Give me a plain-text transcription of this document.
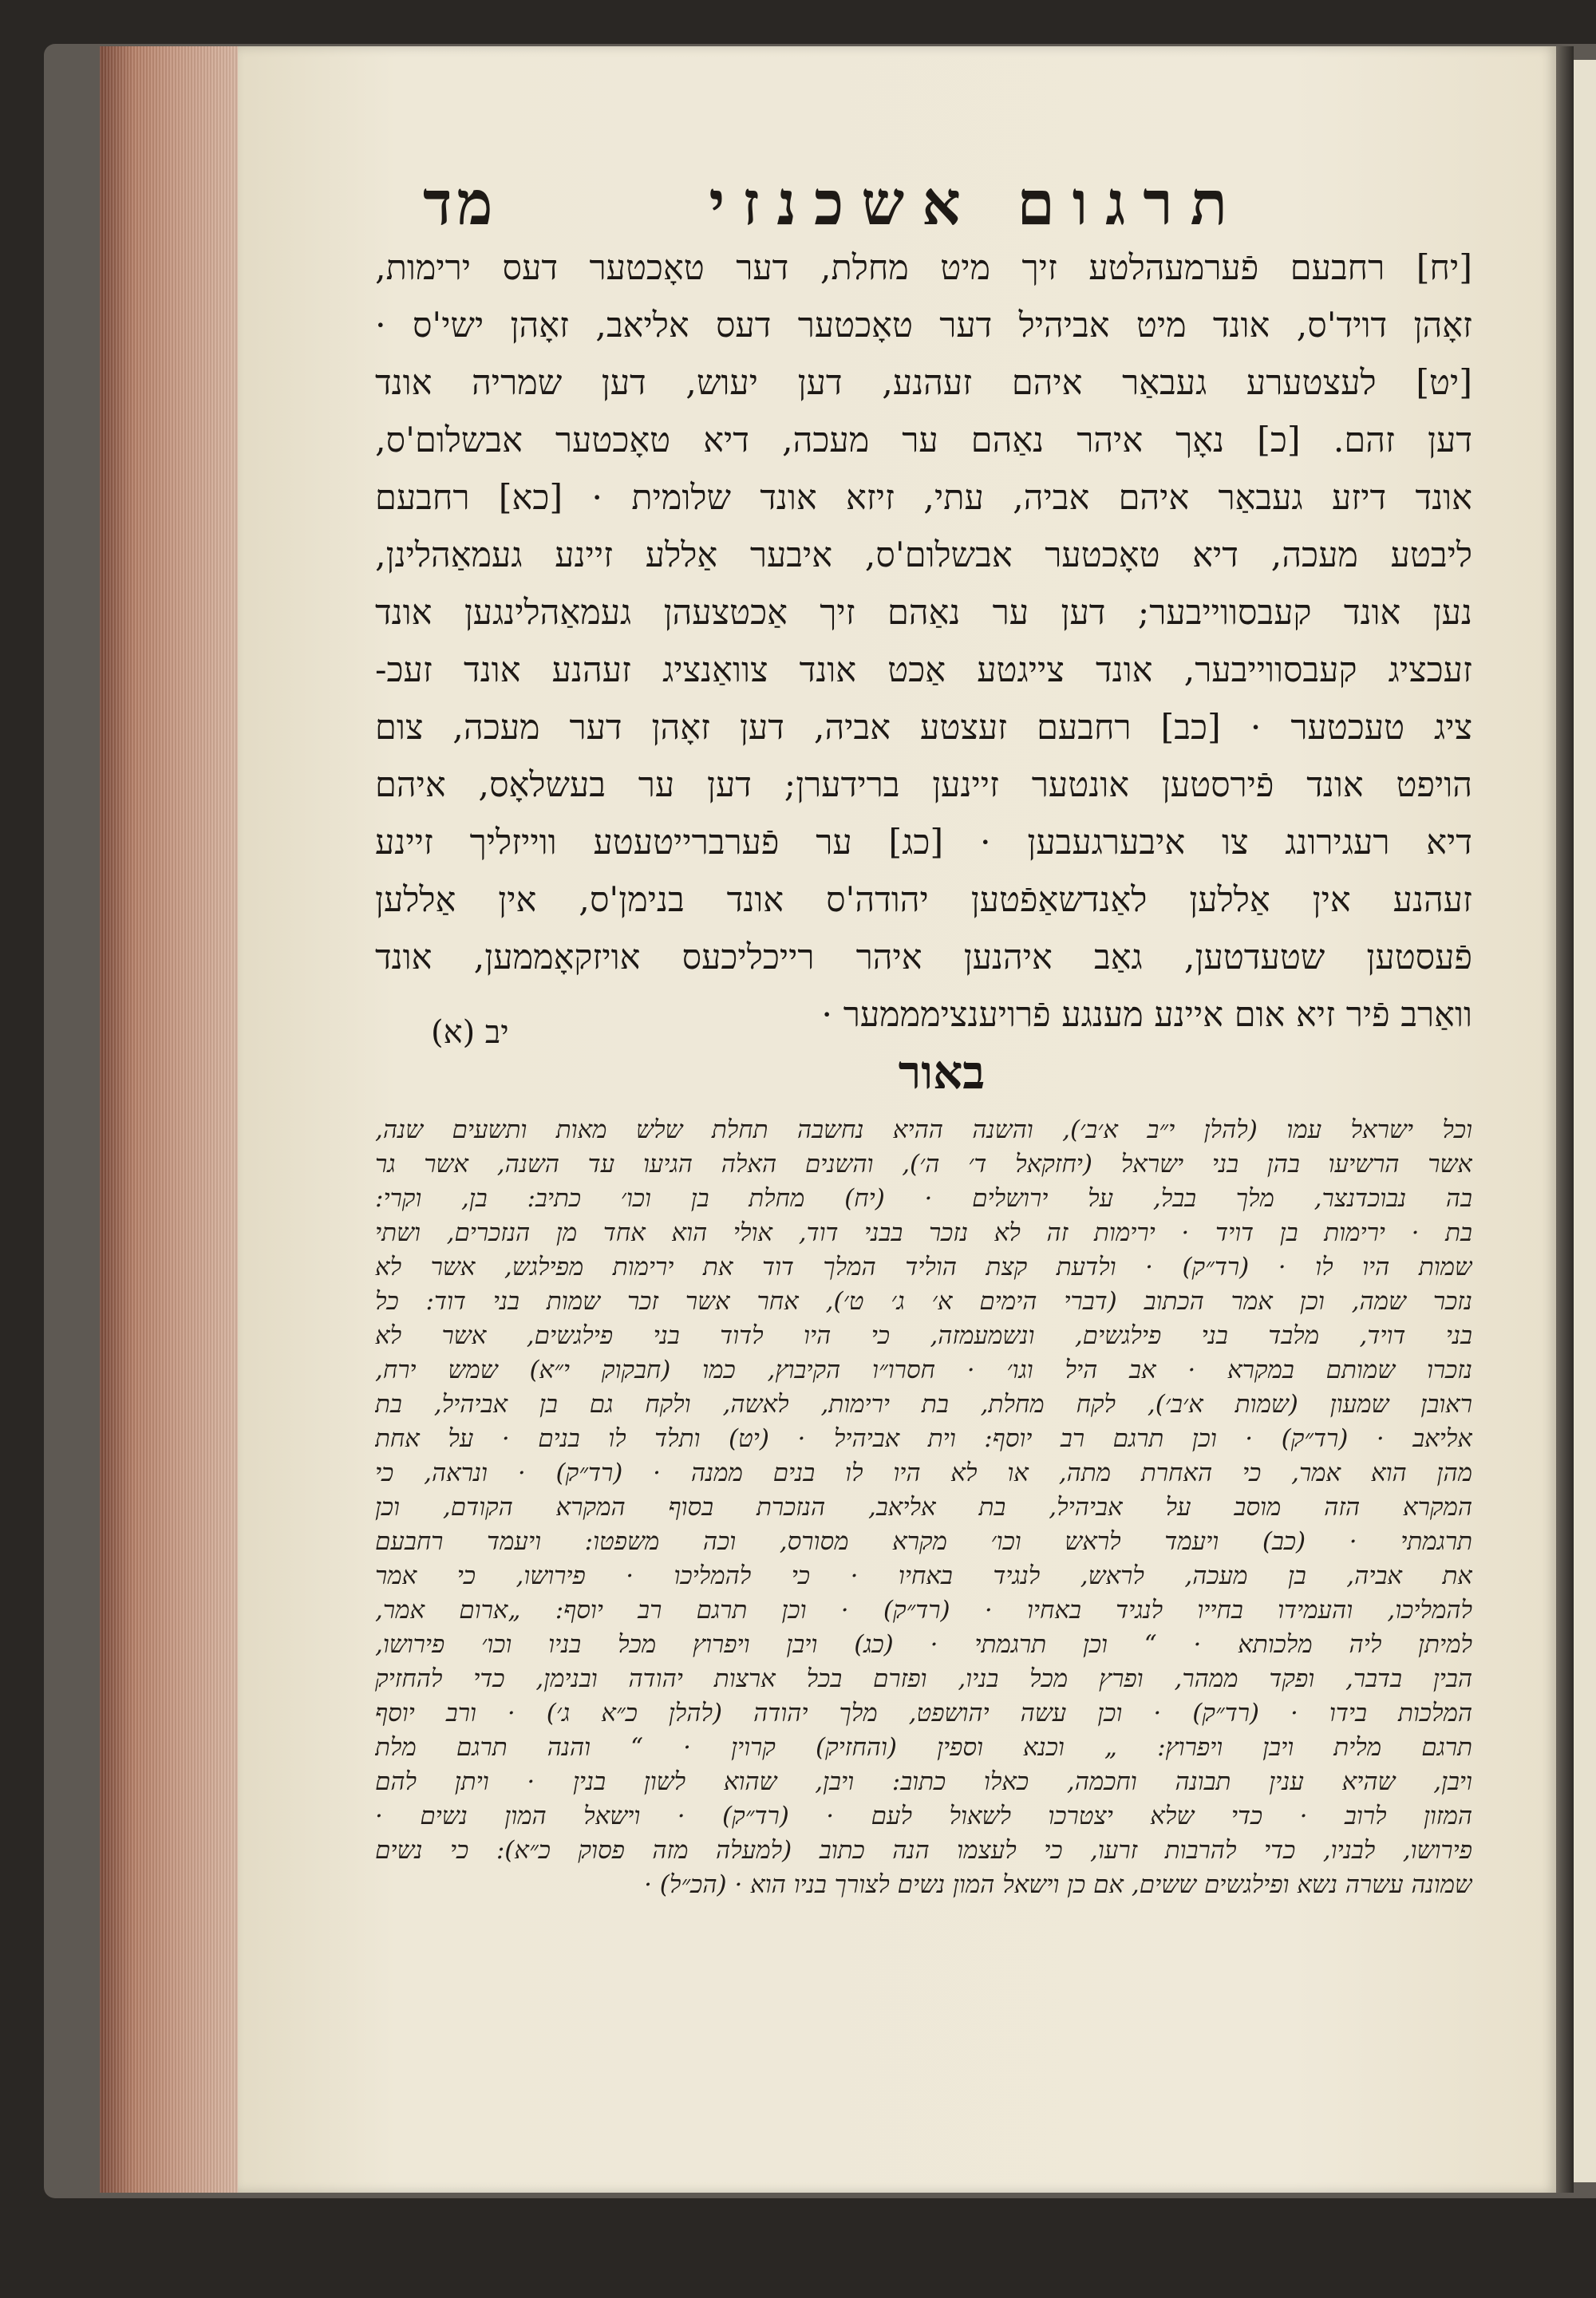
תרגום אשכנזי
מד
[יח] רחבעם פֿערמעהלטע זיך מיט מחלת, דער טאָכטער דעס ירימות,
זאָהן דויד'ס, אונד מיט אביהיל דער טאָכטער דעס אליאב, זאָהן ישי'ס ·
[יט] לעצטערע געבאַר איהם זעהנע, דען יעוש, דען שמריה אונד
דען זהם. [כ] נאָך איהר נאַהם ער מעכה, דיא טאָכטער אבשלום'ס,
אונד דיזע געבאַר איהם אביה, עתי, זיזא אונד שלומית · [כא] רחבעם
ליבטע מעכה, דיא טאָכטער אבשלום'ס, איבער אַללע זיינע געמאַהלינן,
נען אונד קעבסווייבער; דען ער נאַהם זיך אַכטצעהן געמאַהלינגען אונד
זעכציג קעבסווייבער, אונד צייגטע אַכט אונד צוואַנציג זעהנע אונד זעכ-
ציג טעכטער · [כב] רחבעם זעצטע אביה, דען זאָהן דער מעכה, צום
הויפט אונד פֿירסטען אונטער זיינען ברידערן; דען ער בעשלאָס, איהם
דיא רעגירונג צו איבערגעבען · [כג] ער פֿערברייטעטע ווייזליך זיינע
זעהנע אין אַללען לאַנדשאַפֿטען יהודה'ס אונד בנימן'ס, אין אַללען
פֿעסטען שטעדטען, גאַב איהנען איהר רייכליכעס אויזקאָממען, אונד
וואַרב פֿיר זיא אום איינע מענגע פֿרויענצימממער ·
יב (א)
באור
וכל ישראל עמו (להלן י״ב א׳ב׳), והשנה ההיא נחשבה תחלת שלש מאות ותשעים שנה,
אשר הרשיעו בהן בני ישראל (יחזקאל ד׳ ה׳), והשנים האלה הגיעו עד השנה, אשר גר
בה נבוכדנצר, מלך בבל, על ירושלים · (יח) מחלת בן וכו׳ כתיב: בן, וקרי:
בת · ירימות בן דויד · ירימות זה לא נזכר בבני דוד, אולי הוא אחד מן הנזכרים, ושתי
שמות היו לו · (רד״ק) · ולדעת קצת הוליד המלך דוד את ירימות מפילגש, אשר לא
נזכר שמה, וכן אמר הכתוב (דברי הימים א׳ ג׳ ט׳), אחר אשר זכר שמות בני דוד: כל
בני דויד, מלבד בני פילגשים, ונשמעמזה, כי היו לדוד בני פילגשים, אשר לא
נזכרו שמותם במקרא · אב היל וגו׳ · חסרו״ו הקיבוץ, כמו (חבקוק י״א) שמש ירח,
ראובן שמעון (שמות א׳ב׳), לקח מחלת, בת ירימות, לאשה, ולקח גם בן אביהיל, בת
אליאב · (רד״ק) · וכן תרגם רב יוסף: וית אביהיל · (יט) ותלד לו בנים · על אחת
מהן הוא אמר, כי האחרת מתה, או לא היו לו בנים ממנה · (רד״ק) · ונראה, כי
המקרא הזה מוסב על אביהיל, בת אליאב, הנזכרת בסוף המקרא הקודם, וכן
תרגמתי · (כב) ויעמד לראש וכו׳ מקרא מסורס, וכה משפטו: ויעמד רחבעם
את אביה, בן מעכה, לראש, לנגיד באחיו · כי להמליכו · פירושו, כי אמר
להמליכו, והעמידו בחייו לנגיד באחיו · (רד״ק) · וכן תרגם רב יוסף: „ארום אמר,
למיתן ליה מלכותא · “ וכן תרגמתי · (כג) ויבן ויפרוץ מכל בניו וכו׳ פירושו,
הבין בדבר, ופקד ממהר, ופרץ מכל בניו, ופזרם בכל ארצות יהודה ובנימן, כדי להחזיק
המלכות בידו · (רד״ק) · וכן עשה יהושפט, מלך יהודה (להלן כ״א ג׳) · ורב יוסף
תרגם מלית ויבן ויפרוץ: „ וכנא וספין (והחזיק) קרוין · “ והנה תרגם מלת
ויבן, שהיא ענין תבונה וחכמה, כאלו כתוב: ויבן, שהוא לשון בנין · ויתן להם
המזון לרוב · כדי שלא יצטרכו לשאול לעם · (רד״ק) · וישאל המון נשים ·
פירושו, לבניו, כדי להרבות זרעו, כי לעצמו הנה כתוב (למעלה מזה פסוק כ״א): כי נשים
שמונה עשרה נשא ופילגשים ששים, אם כן וישאל המון נשים לצורך בניו הוא · (הכ״ל) ·
